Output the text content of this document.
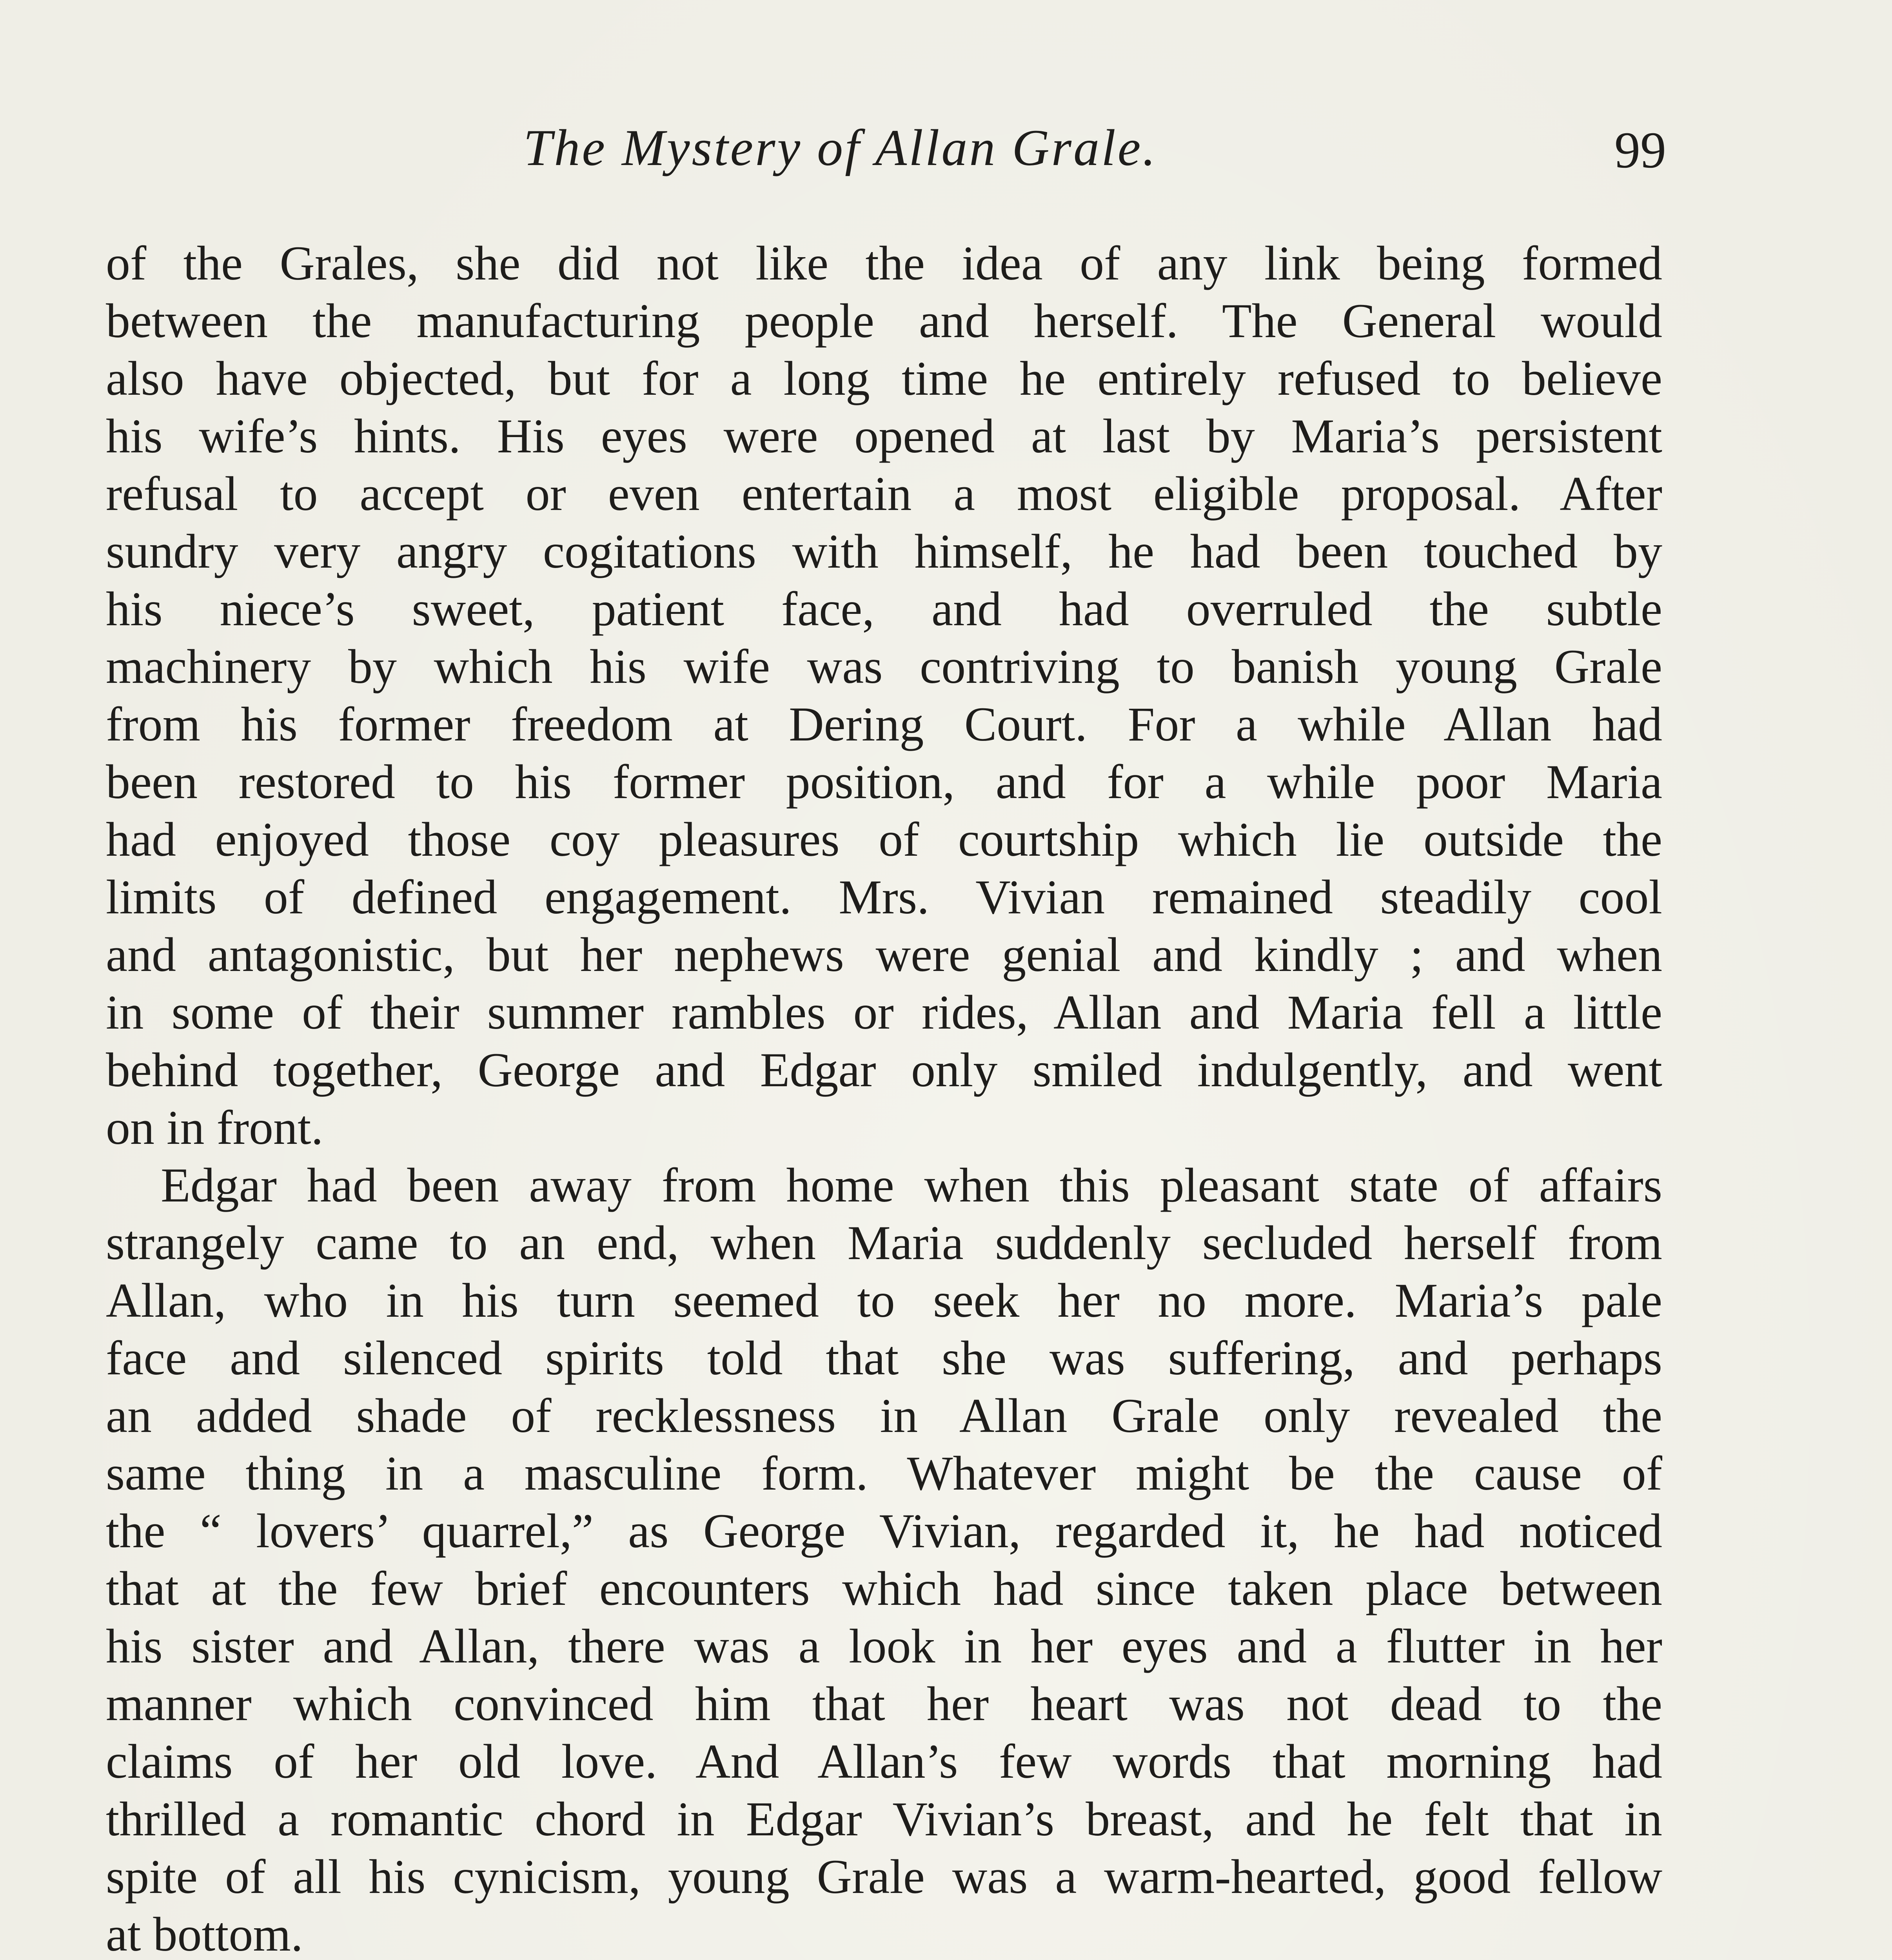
The Mystery of Allan Grale.	99
of the Grales, she did not like the idea of any link being formed
between the manufacturing people and herself. The General would
also have objected, but for a long time he entirely refused to believe
his wife’s hints. His eyes were opened at last by Maria’s persistent
refusal to accept or even entertain a most eligible proposal. After
sundry very angry cogitations with himself, he had been touched by
his niece’s sweet, patient face, and had overruled the subtle
machinery by which his wife was contriving to banish young Grale
from his former freedom at Dering Court. For a while Allan had
been restored to his former position, and for a while poor Maria
had enjoyed those coy pleasures of courtship which lie outside the
limits of defined engagement. Mrs. Vivian remained steadily cool
and antagonistic, but her nephews were genial and kindly ; and when
in some of their summer rambles or rides, Allan and Maria fell a little
behind together, George and Edgar only smiled indulgently, and went
on in front.
Edgar had been away from home when this pleasant state of affairs
strangely came to an end, when Maria suddenly secluded herself from
Allan, who in his turn seemed to seek her no more. Maria’s pale
face and silenced spirits told that she was suffering, and perhaps
an added shade of recklessness in Allan Grale only revealed the
same thing in a masculine form. Whatever might be the cause of
the “ lovers’ quarrel,” as George Vivian, regarded it, he had noticed
that at the few brief encounters which had since taken place between
his sister and Allan, there was a look in her eyes and a flutter in her
manner which convinced him that her heart was not dead to the
claims of her old love. And Allan’s few words that morning had
thrilled a romantic chord in Edgar Vivian’s breast, and he felt that in
spite of all his cynicism, young Grale was a warm-hearted, good fellow
at bottom.
